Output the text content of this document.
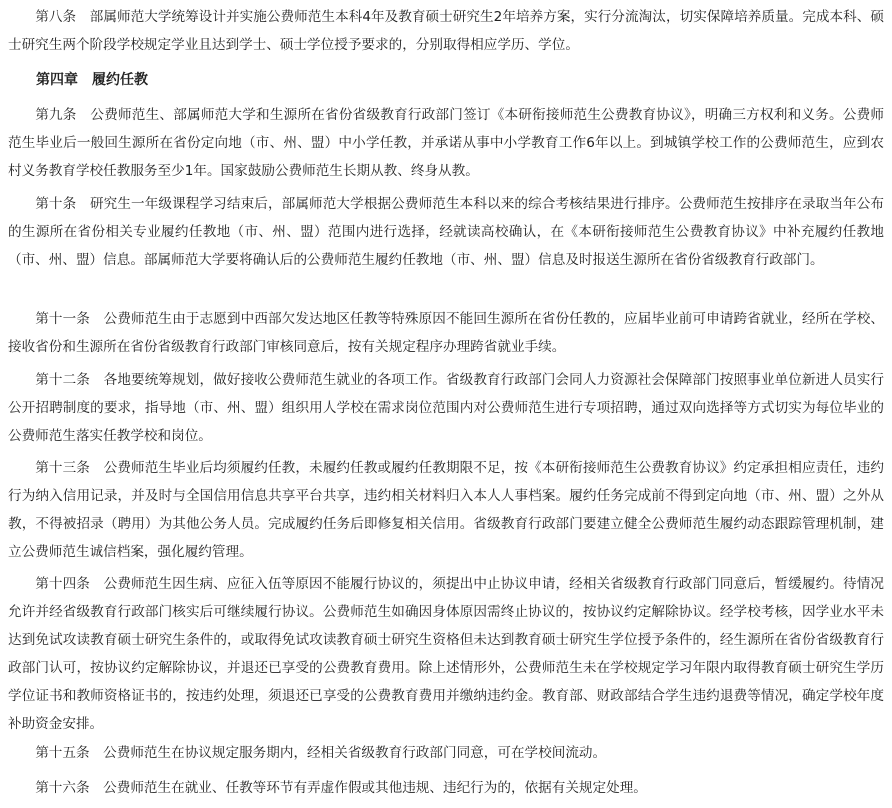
第八条　部属师范大学统筹设计并实施公费师范生本科4年及教育硕士研究生2年培养方案，实行分流淘汰，切实保障培养质量。完成本科、硕士研究生两个阶段学校规定学业且达到学士、硕士学位授予要求的，分别取得相应学历、学位。

第四章　履约任教

第九条　公费师范生、部属师范大学和生源所在省份省级教育行政部门签订《本研衔接师范生公费教育协议》，明确三方权利和义务。公费师范生毕业后一般回生源所在省份定向地（市、州、盟）中小学任教，并承诺从事中小学教育工作6年以上。到城镇学校工作的公费师范生，应到农村义务教育学校任教服务至少1年。国家鼓励公费师范生长期从教、终身从教。

第十条　研究生一年级课程学习结束后，部属师范大学根据公费师范生本科以来的综合考核结果进行排序。公费师范生按排序在录取当年公布的生源所在省份相关专业履约任教地（市、州、盟）范围内进行选择，经就读高校确认，在《本研衔接师范生公费教育协议》中补充履约任教地（市、州、盟）信息。部属师范大学要将确认后的公费师范生履约任教地（市、州、盟）信息及时报送生源所在省份省级教育行政部门。

第十一条　公费师范生由于志愿到中西部欠发达地区任教等特殊原因不能回生源所在省份任教的，应届毕业前可申请跨省就业，经所在学校、接收省份和生源所在省份省级教育行政部门审核同意后，按有关规定程序办理跨省就业手续。

第十二条　各地要统筹规划，做好接收公费师范生就业的各项工作。省级教育行政部门会同人力资源社会保障部门按照事业单位新进人员实行公开招聘制度的要求，指导地（市、州、盟）组织用人学校在需求岗位范围内对公费师范生进行专项招聘，通过双向选择等方式切实为每位毕业的公费师范生落实任教学校和岗位。

第十三条　公费师范生毕业后均须履约任教，未履约任教或履约任教期限不足，按《本研衔接师范生公费教育协议》约定承担相应责任，违约行为纳入信用记录，并及时与全国信用信息共享平台共享，违约相关材料归入本人人事档案。履约任务完成前不得到定向地（市、州、盟）之外从教，不得被招录（聘用）为其他公务人员。完成履约任务后即修复相关信用。省级教育行政部门要建立健全公费师范生履约动态跟踪管理机制，建立公费师范生诚信档案，强化履约管理。

第十四条　公费师范生因生病、应征入伍等原因不能履行协议的，须提出中止协议申请，经相关省级教育行政部门同意后，暂缓履约。待情况允许并经省级教育行政部门核实后可继续履行协议。公费师范生如确因身体原因需终止协议的，按协议约定解除协议。经学校考核，因学业水平未达到免试攻读教育硕士研究生条件的，或取得免试攻读教育硕士研究生资格但未达到教育硕士研究生学位授予条件的，经生源所在省份省级教育行政部门认可，按协议约定解除协议，并退还已享受的公费教育费用。除上述情形外，公费师范生未在学校规定学习年限内取得教育硕士研究生学历学位证书和教师资格证书的，按违约处理，须退还已享受的公费教育费用并缴纳违约金。教育部、财政部结合学生违约退费等情况，确定学校年度补助资金安排。

第十五条　公费师范生在协议规定服务期内，经相关省级教育行政部门同意，可在学校间流动。

第十六条　公费师范生在就业、任教等环节有弄虚作假或其他违规、违纪行为的，依据有关规定处理。
